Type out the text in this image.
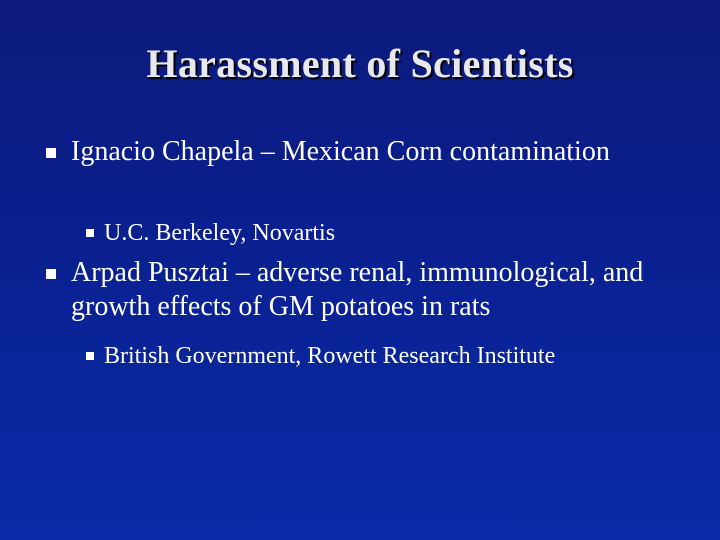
Harassment of Scientists
Ignacio Chapela – Mexican Corn contamination
U.C. Berkeley, Novartis
Arpad Pusztai – adverse renal, immunological, and growth effects of GM potatoes in rats
British Government, Rowett Research Institute
